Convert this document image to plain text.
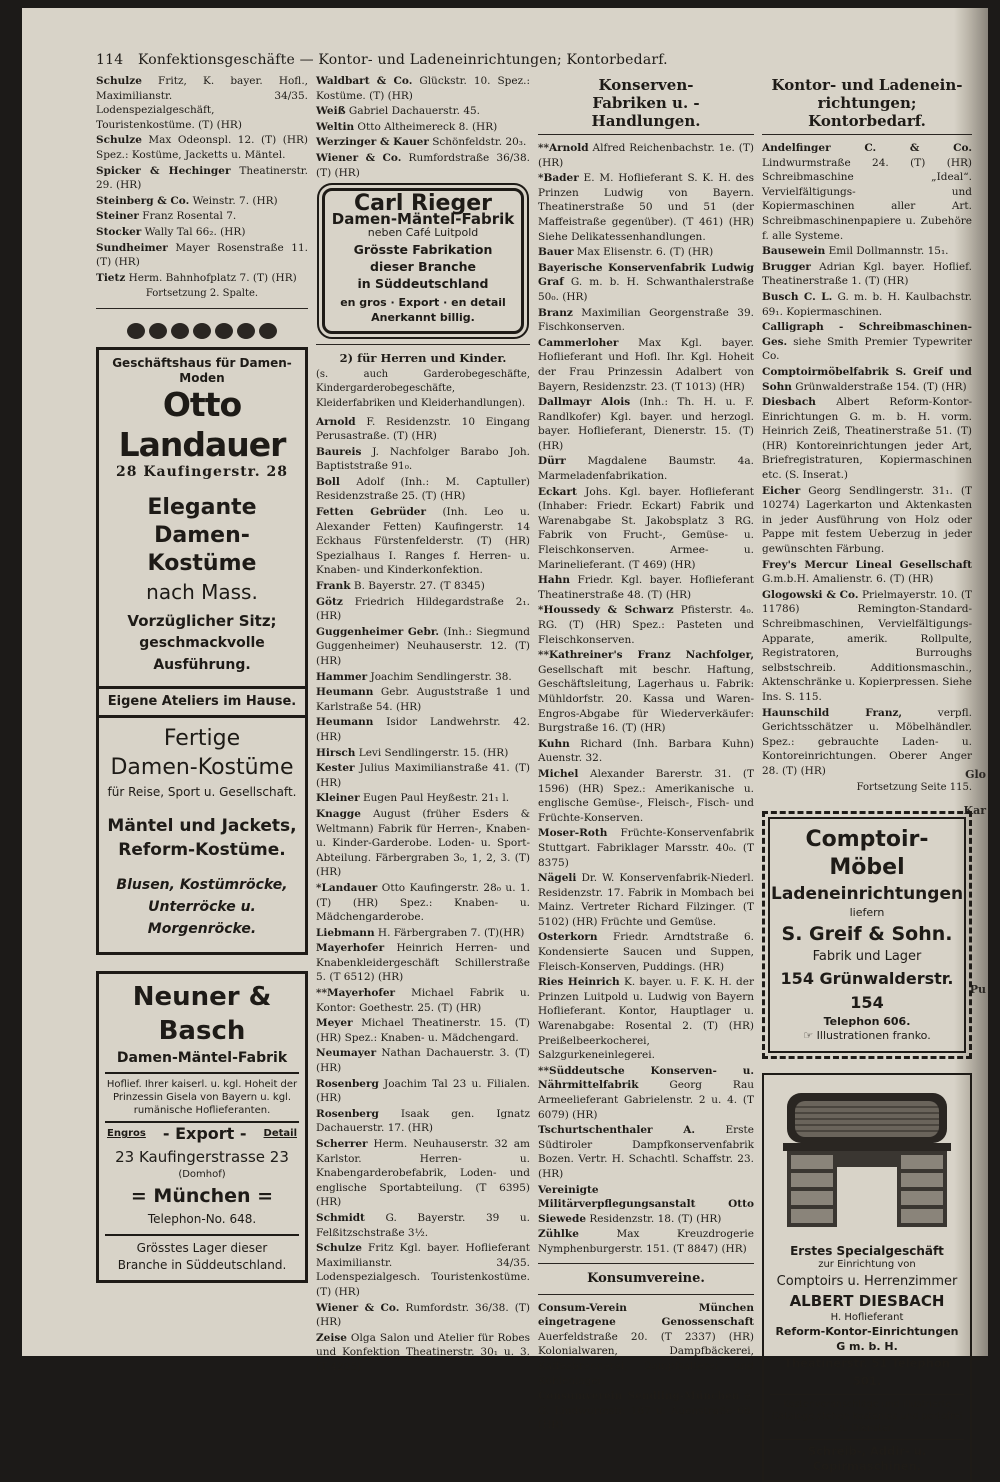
Glo
Kar
Pu
114 Konfektionsgeschäfte — Kontor- und Ladeneinrichtungen; Kontorbedarf.
Schulze Fritz, K. bayer. Hofl., Maximilianstr. 34/35. Lodenspezialgeschäft, Touristenkostüme. (T) (HR)
Schulze Max Odeonspl. 12. (T) (HR) Spez.: Kostüme, Jacketts u. Mäntel.
Spicker & Hechinger Theatinerstr. 29. (HR)
Steinberg & Co. Weinstr. 7. (HR)
Steiner Franz Rosental 7.
Stocker Wally Tal 66₂. (HR)
Sundheimer Mayer Rosenstraße 11. (T) (HR)
Tietz Herm. Bahnhofplatz 7. (T) (HR)
Fortsetzung 2. Spalte.
Geschäftshaus für Damen-Moden
Otto Landauer
28 Kaufingerstr. 28
Elegante
Damen-Kostüme
nach Mass.
Vorzüglicher Sitz;
geschmackvolle Ausführung.
Eigene Ateliers im Hause.
Fertige
Damen-Kostüme
für Reise, Sport u. Gesellschaft.
Mäntel und Jackets,
Reform-Kostüme.
Blusen, Kostümröcke,
Unterröcke u. Morgenröcke.
Neuner & Basch
Damen-Mäntel-Fabrik
Hoflief. Ihrer kaiserl. u. kgl. Hoheit der Prinzessin Gisela von Bayern u. kgl. rumänische Hoflieferanten.
Engros - Export - Detail
23 Kaufingerstrasse 23
(Domhof)
= München =
Telephon-No. 648.
Grösstes Lager dieser
Branche in Süddeutschland.
Waldbart & Co. Glückstr. 10. Spez.: Kostüme. (T) (HR)
Weiß Gabriel Dachauerstr. 45.
Weltin Otto Altheimereck 8. (HR)
Werzinger & Kauer Schönfeldstr. 20₃.
Wiener & Co. Rumfordstraße 36/38. (T) (HR)
Carl Rieger
Damen-Mäntel-Fabrik
neben Café Luitpold
Grösste Fabrikation
dieser Branche
in Süddeutschland
en gros · Export · en detail
Anerkannt billig.
2) für Herren und Kinder.
(s. auch Garderobegeschäfte, Kindergarderobegeschäfte, Kleiderfabriken und Kleiderhandlungen).
Arnold F. Residenzstr. 10 Eingang Perusastraße. (T) (HR)
Baureis J. Nachfolger Barabo Joh. Baptiststraße 91₀.
Boll Adolf (Inh.: M. Captuller) Residenzstraße 25. (T) (HR)
Fetten Gebrüder (Inh. Leo u. Alexander Fetten) Kaufingerstr. 14 Eckhaus Fürstenfelderstr. (T) (HR) Spezialhaus I. Ranges f. Herren- u. Knaben- und Kinderkonfektion.
Frank B. Bayerstr. 27. (T 8345)
Götz Friedrich Hildegardstraße 2₁. (HR)
Guggenheimer Gebr. (Inh.: Siegmund Guggenheimer) Neuhauserstr. 12. (T) (HR)
Hammer Joachim Sendlingerstr. 38.
Heumann Gebr. Auguststraße 1 und Karlstraße 54. (HR)
Heumann Isidor Landwehrstr. 42. (HR)
Hirsch Levi Sendlingerstr. 15. (HR)
Kester Julius Maximilianstraße 41. (T) (HR)
Kleiner Eugen Paul Heyßestr. 21₁ l.
Knagge August (früher Esders & Weltmann) Fabrik für Herren-, Knaben- u. Kinder-Garderobe. Loden- u. Sport-Abteilung. Färbergraben 3₀, 1, 2, 3. (T) (HR)
*Landauer Otto Kaufingerstr. 28₀ u. 1. (T) (HR) Spez.: Knaben- u. Mädchengarderobe.
Liebmann H. Färbergraben 7. (T)(HR)
Mayerhofer Heinrich Herren- und Knabenkleidergeschäft Schillerstraße 5. (T 6512) (HR)
**Mayerhofer Michael Fabrik u. Kontor: Goethestr. 25. (T) (HR)
Meyer Michael Theatinerstr. 15. (T) (HR) Spez.: Knaben- u. Mädchengard.
Neumayer Nathan Dachauerstr. 3. (T)(HR)
Rosenberg Joachim Tal 23 u. Filialen. (HR)
Rosenberg Isaak gen. Ignatz Dachauerstr. 17. (HR)
Scherrer Herm. Neuhauserstr. 32 am Karlstor. Herren- u. Knabengarderobefabrik, Loden- und englische Sportabteilung. (T 6395) (HR)
Schmidt G. Bayerstr. 39 u. Felßitzschstraße 3½.
Schulze Fritz Kgl. bayer. Hoflieferant Maximilianstr. 34/35. Lodenspezialgesch. Touristenkostüme. (T) (HR)
Wiener & Co. Rumfordstr. 36/38. (T) (HR)
Zeise Olga Salon und Atelier für Robes und Konfektion Theatinerstr. 30₁ u. 3. (T 4205)
Konserven-
Fabriken u. -Handlungen.
**Arnold Alfred Reichenbachstr. 1e. (T) (HR)
*Bader E. M. Hoflieferant S. K. H. des Prinzen Ludwig von Bayern. Theatinerstraße 50 und 51 (der Maffeistraße gegenüber). (T 461) (HR) Siehe Delikatessenhandlungen.
Bauer Max Elisenstr. 6. (T) (HR)
Bayerische Konservenfabrik Ludwig Graf G. m. b. H. Schwanthalerstraße 50₀. (HR)
Branz Maximilian Georgenstraße 39. Fischkonserven.
Cammerloher Max Kgl. bayer. Hoflieferant und Hofl. Ihr. Kgl. Hoheit der Frau Prinzessin Adalbert von Bayern, Residenzstr. 23. (T 1013) (HR)
Dallmayr Alois (Inh.: Th. H. u. F. Randlkofer) Kgl. bayer. und herzogl. bayer. Hoflieferant, Dienerstr. 15. (T)(HR)
Dürr Magdalene Baumstr. 4a. Marmeladenfabrikation.
Eckart Johs. Kgl. bayer. Hoflieferant (Inhaber: Friedr. Eckart) Fabrik und Warenabgabe St. Jakobsplatz 3 RG. Fabrik von Frucht-, Gemüse- u. Fleischkonserven. Armee- u. Marinelieferant. (T 469) (HR)
Hahn Friedr. Kgl. bayer. Hoflieferant Theatinerstraße 48. (T) (HR)
*Houssedy & Schwarz Pfisterstr. 4₀. RG. (T) (HR) Spez.: Pasteten und Fleischkonserven.
**Kathreiner's Franz Nachfolger, Gesellschaft mit beschr. Haftung, Geschäftsleitung, Lagerhaus u. Fabrik: Mühldorfstr. 20. Kassa und Waren-Engros-Abgabe für Wiederverkäufer: Burgstraße 16. (T) (HR)
Kuhn Richard (Inh. Barbara Kuhn) Auenstr. 32.
Michel Alexander Barerstr. 31. (T 1596) (HR) Spez.: Amerikanische u. englische Gemüse-, Fleisch-, Fisch- und Früchte-Konserven.
Moser-Roth Früchte-Konservenfabrik Stuttgart. Fabriklager Marsstr. 40₀. (T 8375)
Nägeli Dr. W. Konservenfabrik-Niederl. Residenzstr. 17. Fabrik in Mombach bei Mainz. Vertreter Richard Filzinger. (T 5102) (HR) Früchte und Gemüse.
Osterkorn Friedr. Arndtstraße 6. Kondensierte Saucen und Suppen, Fleisch-Konserven, Puddings. (HR)
Ries Heinrich K. bayer. u. F. K. H. der Prinzen Luitpold u. Ludwig von Bayern Hoflieferant. Kontor, Hauptlager u. Warenabgabe: Rosental 2. (T) (HR) Preißelbeerkocherei, Salzgurkeneinlegerei.
**Süddeutsche Konserven- u. Nährmittelfabrik Georg Rau Armeelieferant Gabrielenstr. 2 u. 4. (T 6079) (HR)
Tschurtschenthaler A. Erste Südtiroler Dampfkonservenfabrik Bozen. Vertr. H. Schachtl. Schaffstr. 23. (HR)
Vereinigte Militärverpflegungsanstalt Otto Siewede Residenzstr. 18. (T) (HR)
Zühlke Max Kreuzdrogerie Nymphenburgerstr. 151. (T 8847) (HR)
Konsumvereine.
Consum-Verein München eingetragene Genossenschaft Auerfeldstraße 20. (T 2337) (HR) Kolonialwaren, Dampfbäckerei, Kaffeebrennerei, Dampfsalterei und Kohlenlager.
Consumverein Sendling-München e. G. Lindwurmstr. 187 u. Auenstraße 68. (HR)
Kontor- und Ladenein-
richtungen; Kontorbedarf.
Andelfinger C. & Co. Lindwurmstraße 24. (T) (HR) Schreibmaschine „Ideal“. Vervielfältigungs- und Kopiermaschinen aller Art. Schreibmaschinenpapiere u. Zubehöre f. alle Systeme.
Bausewein Emil Dollmannstr. 15₁.
Brugger Adrian Kgl. bayer. Hoflief. Theatinerstraße 1. (T) (HR)
Busch C. L. G. m. b. H. Kaulbachstr. 69₁. Kopiermaschinen.
Calligraph - Schreibmaschinen-Ges. siehe Smith Premier Typewriter Co.
Comptoirmöbelfabrik S. Greif und Sohn Grünwalderstraße 154. (T) (HR)
Diesbach Albert Reform-Kontor-Einrichtungen G. m. b. H. vorm. Heinrich Zeiß, Theatinerstraße 51. (T) (HR) Kontoreinrichtungen jeder Art, Briefregistraturen, Kopiermaschinen etc. (S. Inserat.)
Eicher Georg Sendlingerstr. 31₁. (T 10274) Lagerkarton und Aktenkasten in jeder Ausführung von Holz oder Pappe mit festem Ueberzug in jeder gewünschten Färbung.
Frey's Mercur Lineal Gesellschaft G.m.b.H. Amalienstr. 6. (T) (HR)
Glogowski & Co. Prielmayerstr. 10. (T 11786) Remington-Standard-Schreibmaschinen, Vervielfältigungs-Apparate, amerik. Rollpulte, Registratoren, Burroughs selbstschreib. Additionsmaschin., Aktenschränke u. Kopierpressen. Siehe Ins. S. 115.
Haunschild Franz, verpfl. Gerichtsschätzer u. Möbelhändler. Spez.: gebrauchte Laden- u. Kontoreinrichtungen. Oberer Anger 28. (T) (HR)
Fortsetzung Seite 115.
Comptoir-Möbel
Ladeneinrichtungen
liefern
S. Greif & Sohn.
Fabrik und Lager
154 Grünwalderstr. 154
Telephon 606.
☞ Illustrationen franko.
Erstes Specialgeschäft
zur Einrichtung von
Comptoirs u. Herrenzimmer
ALBERT DIESBACH
H. Hoflieferant
Reform-Kontor-Einrichtungen G m. b. H.
Theatinerstr. 51 Telephon 501.
Kostenvoranschläge und illustrierte Cataloge stehen kostenlos und portofrei zu Diensten.
Schreib-, Addir- u. Copirmaschinen.
